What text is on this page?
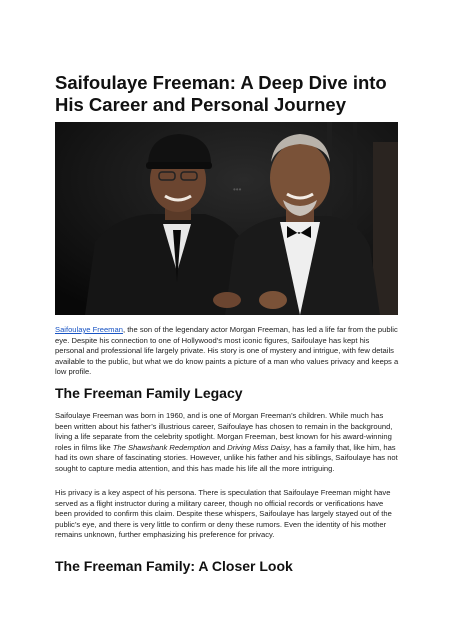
Saifoulaye Freeman: A Deep Dive into His Career and Personal Journey
•••

Saifoulaye Freeman, the son of the legendary actor Morgan Freeman, has led a life far from the public eye. Despite his connection to one of Hollywood’s most iconic figures, Saifoulaye has kept his personal and professional life largely private. His story is one of mystery and intrigue, with few details available to the public, but what we do know paints a picture of a man who values privacy and keeps a low profile.

The Freeman Family Legacy

Saifoulaye Freeman was born in 1960, and is one of Morgan Freeman’s children. While much has been written about his father’s illustrious career, Saifoulaye has chosen to remain in the background, living a life separate from the celebrity spotlight. Morgan Freeman, best known for his award-winning roles in films like The Shawshank Redemption and Driving Miss Daisy, has a family that, like him, has had its own share of fascinating stories. However, unlike his father and his siblings, Saifoulaye has not sought to capture media attention, and this has made his life all the more intriguing.

His privacy is a key aspect of his persona. There is speculation that Saifoulaye Freeman might have served as a flight instructor during a military career, though no official records or verifications have been provided to confirm this claim. Despite these whispers, Saifoulaye has largely stayed out of the public’s eye, and there is very little to confirm or deny these rumors. Even the identity of his mother remains unknown, further emphasizing his preference for privacy.

The Freeman Family: A Closer Look
